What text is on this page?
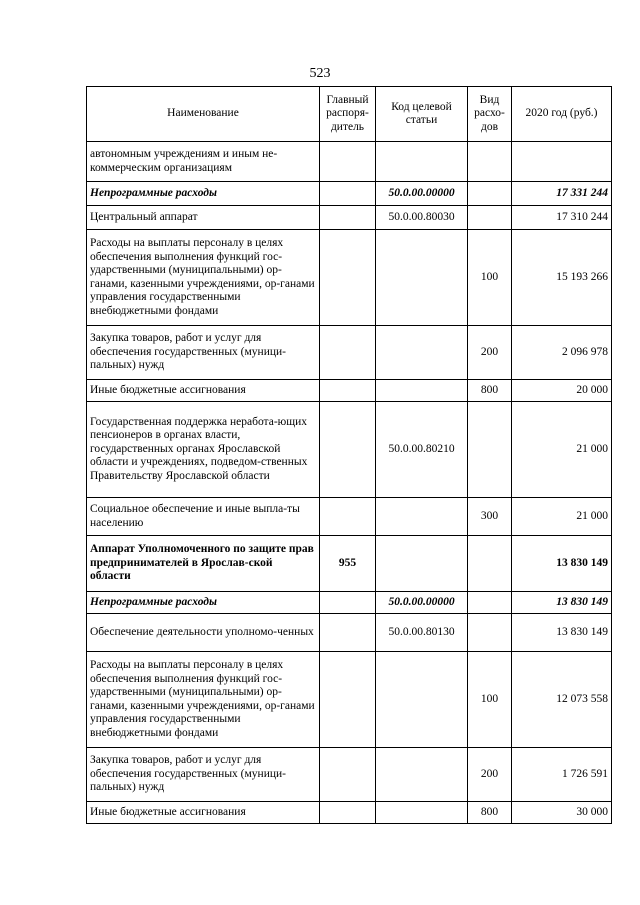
523
Наименование	Главный распоря-дитель	Код целевой статьи	Вид расхо-дов	2020 год (руб.)
автономным учреждениям и иным не-коммерческим организациям				
Непрограммные расходы		50.0.00.00000		17 331 244
Центральный аппарат		50.0.00.80030		17 310 244
Расходы на выплаты персоналу в целях обеспечения выполнения функций гос-ударственными (муниципальными) ор-ганами, казенными учреждениями, ор-ганами управления государственными внебюджетными фондами			100	15 193 266
Закупка товаров, работ и услуг для обеспечения государственных (муници-пальных) нужд			200	2 096 978
Иные бюджетные ассигнования			800	20 000
Государственная поддержка неработа-ющих пенсионеров в органах власти, государственных органах Ярославской области и учреждениях, подведом-ственных Правительству Ярославской области		50.0.00.80210		21 000
Социальное обеспечение и иные выпла-ты населению			300	21 000
Аппарат Уполномоченного по защите прав предпринимателей в Ярослав-ской области	955			13 830 149
Непрограммные расходы		50.0.00.00000		13 830 149
Обеспечение деятельности уполномо-ченных		50.0.00.80130		13 830 149
Расходы на выплаты персоналу в целях обеспечения выполнения функций гос-ударственными (муниципальными) ор-ганами, казенными учреждениями, ор-ганами управления государственными внебюджетными фондами			100	12 073 558
Закупка товаров, работ и услуг для обеспечения государственных (муници-пальных) нужд			200	1 726 591
Иные бюджетные ассигнования			800	30 000
